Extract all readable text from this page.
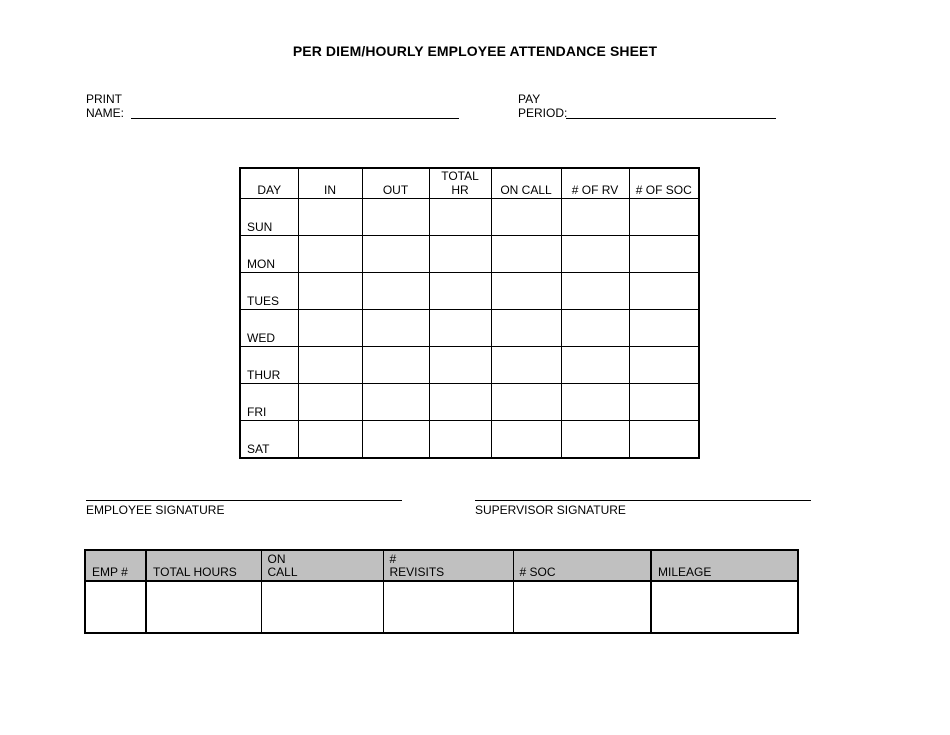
PER DIEM/HOURLY EMPLOYEE ATTENDANCE SHEET
PRINT
NAME:
PAY
PERIOD:
DAY	IN	OUT	TOTAL HR	ON CALL	# OF RV	# OF SOC
SUN						
MON						
TUES						
WED						
THUR						
FRI						
SAT						
EMPLOYEE SIGNATURE	SUPERVISOR SIGNATURE
EMP #	TOTAL HOURS	ON CALL	# REVISITS	# SOC	MILEAGE
